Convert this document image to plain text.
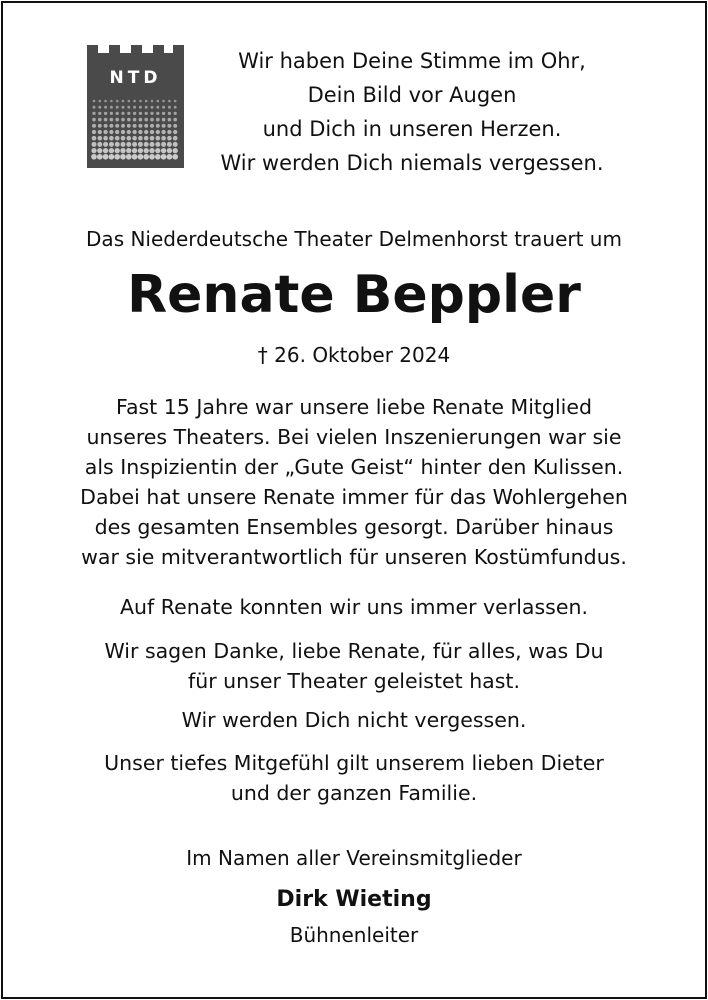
NTD
Wir haben Deine Stimme im Ohr,
Dein Bild vor Augen
und Dich in unseren Herzen.
Wir werden Dich niemals vergessen.
Das Niederdeutsche Theater Delmenhorst trauert um
Renate Beppler
† 26. Oktober 2024
Fast 15 Jahre war unsere liebe Renate Mitglied
unseres Theaters. Bei vielen Inszenierungen war sie
als Inspizientin der „Gute Geist“ hinter den Kulissen.
Dabei hat unsere Renate immer für das Wohlergehen
des gesamten Ensembles gesorgt. Darüber hinaus
war sie mitverantwortlich für unseren Kostümfundus.
Auf Renate konnten wir uns immer verlassen.
Wir sagen Danke, liebe Renate, für alles, was Du
für unser Theater geleistet hast.
Wir werden Dich nicht vergessen.
Unser tiefes Mitgefühl gilt unserem lieben Dieter
und der ganzen Familie.
Im Namen aller Vereinsmitglieder
Dirk Wieting
Bühnenleiter
